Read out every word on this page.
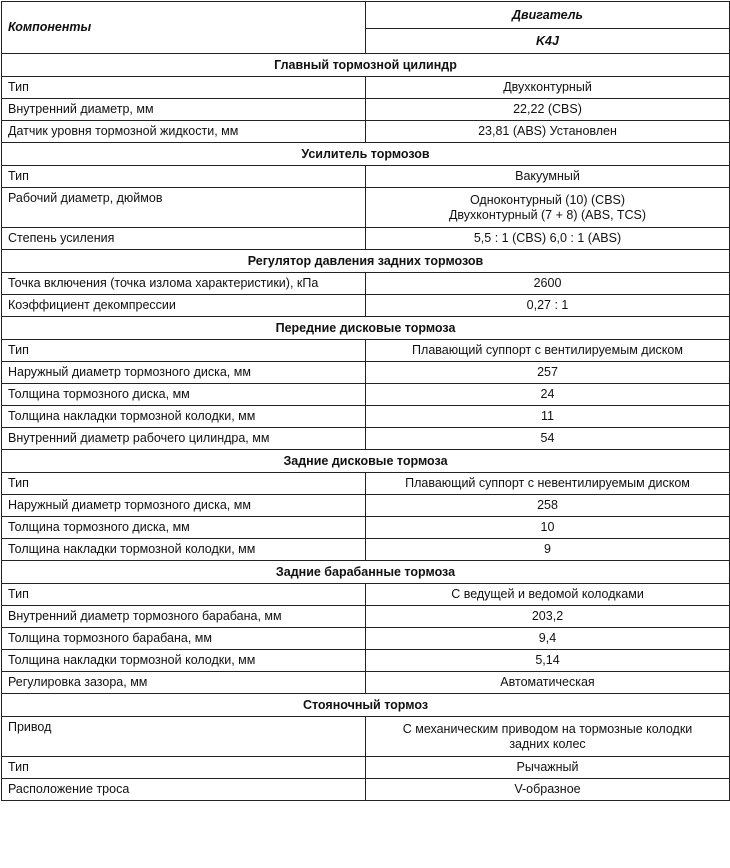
Компоненты	Двигатель
	K4J
Главный тормозной цилиндр	
Тип	Двухконтурный
Внутренний диаметр, мм	22,22 (CBS)
Датчик уровня тормозной жидкости, мм	23,81 (ABS) Установлен
Усилитель тормозов	
Тип	Вакуумный
Рабочий диаметр, дюймов	Одноконтурный (10) (CBS)
Двухконтурный (7 + 8) (ABS, TCS)

Степень усиления	5,5 : 1 (CBS) 6,0 : 1 (ABS)
Регулятор давления задних тормозов	
Точка включения (точка излома характеристики), кПа	2600
Коэффициент декомпрессии	0,27 : 1
Передние дисковые тормоза	
Тип	Плавающий суппорт с вентилируемым диском
Наружный диаметр тормозного диска, мм	257
Толщина тормозного диска, мм	24
Толщина накладки тормозной колодки, мм	11
Внутренний диаметр рабочего цилиндра, мм	54
Задние дисковые тормоза	
Тип	Плавающий суппорт с невентилируемым диском
Наружный диаметр тормозного диска, мм	258
Толщина тормозного диска, мм	10
Толщина накладки тормозной колодки, мм	9
Задние барабанные тормоза	
Тип	С ведущей и ведомой колодками
Внутренний диаметр тормозного барабана, мм	203,2
Толщина тормозного барабана, мм	9,4
Толщина накладки тормозной колодки, мм	5,14
Регулировка зазора, мм	Автоматическая
Стояночный тормоз	
Привод	С механическим приводом на тормозные колодки
задних колес

Тип	Рычажный
Расположение троса	V-образное
